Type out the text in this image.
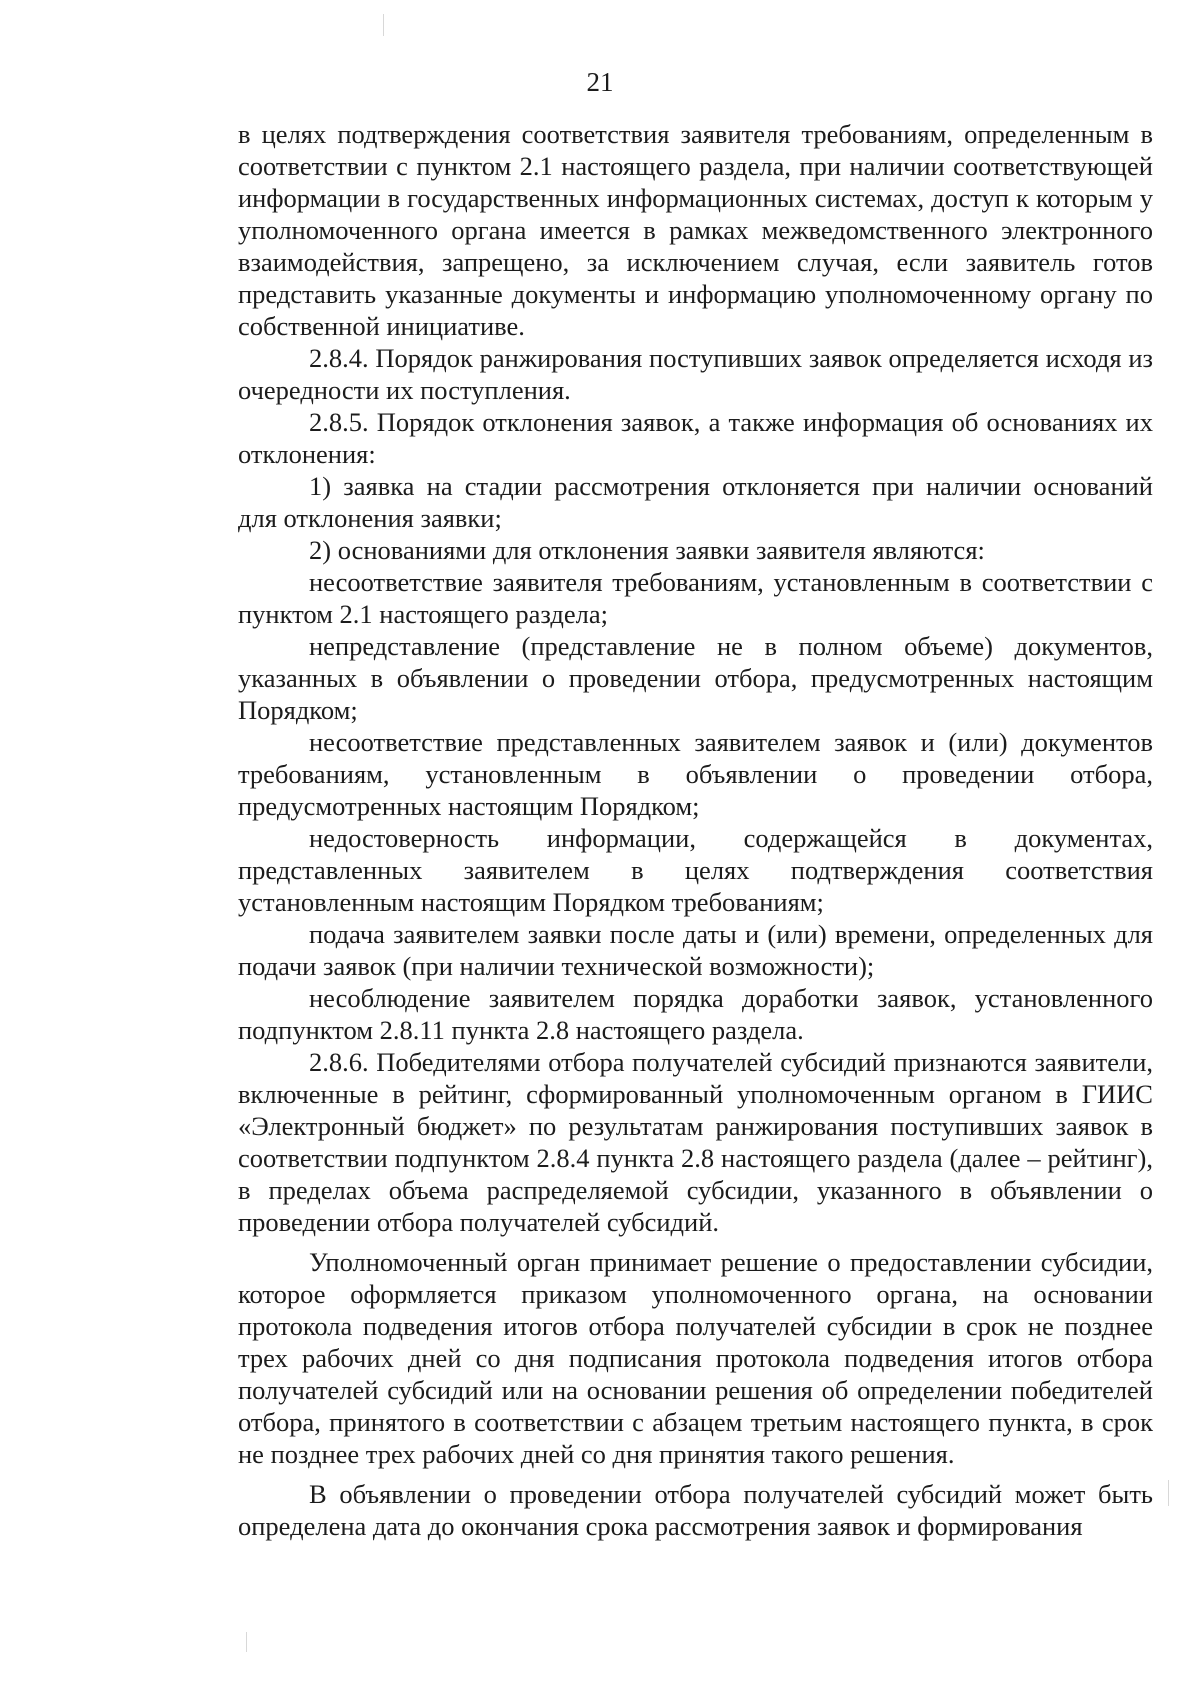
21

в целях подтверждения соответствия заявителя требованиям, определенным в соответствии с пунктом 2.1 настоящего раздела, при наличии соответствующей информации в государственных информационных системах, доступ к которым у уполномоченного органа имеется в рамках межведомственного электронного взаимодействия, запрещено, за исключением случая, если заявитель готов представить указанные документы и информацию уполномоченному органу по собственной инициативе.

2.8.4. Порядок ранжирования поступивших заявок определяется исходя из очередности их поступления.

2.8.5. Порядок отклонения заявок, а также информация об основаниях их отклонения:

1) заявка на стадии рассмотрения отклоняется при наличии оснований для отклонения заявки;

2) основаниями для отклонения заявки заявителя являются:

несоответствие заявителя требованиям, установленным в соответствии с пунктом 2.1 настоящего раздела;

непредставление (представление не в полном объеме) документов, указанных в объявлении о проведении отбора, предусмотренных настоящим Порядком;

несоответствие представленных заявителем заявок и (или) документов требованиям, установленным в объявлении о проведении отбора, предусмотренных настоящим Порядком;

недостоверность информации, содержащейся в документах, представленных заявителем в целях подтверждения соответствия установленным настоящим Порядком требованиям;

подача заявителем заявки после даты и (или) времени, определенных для подачи заявок (при наличии технической возможности);

несоблюдение заявителем порядка доработки заявок, установленного подпунктом 2.8.11 пункта 2.8 настоящего раздела.

2.8.6. Победителями отбора получателей субсидий признаются заявители, включенные в рейтинг, сформированный уполномоченным органом в ГИИС «Электронный бюджет» по результатам ранжирования поступивших заявок в соответствии подпунктом 2.8.4 пункта 2.8 настоящего раздела (далее – рейтинг), в пределах объема распределяемой субсидии, указанного в объявлении о проведении отбора получателей субсидий.

Уполномоченный орган принимает решение о предоставлении субсидии, которое оформляется приказом уполномоченного органа, на основании протокола подведения итогов отбора получателей субсидии в срок не позднее трех рабочих дней со дня подписания протокола подведения итогов отбора получателей субсидий или на основании решения об определении победителей отбора, принятого в соответствии с абзацем третьим настоящего пункта, в срок не позднее трех рабочих дней со дня принятия такого решения.

В объявлении о проведении отбора получателей субсидий может быть определена дата до окончания срока рассмотрения заявок и формирования
